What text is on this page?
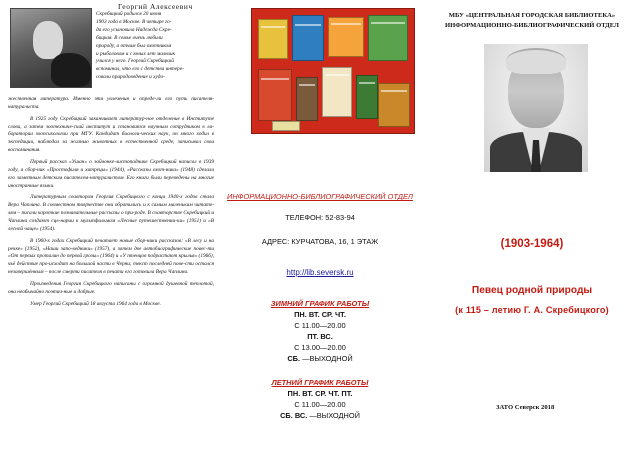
Георгий Алексеевич
Скребицкий родился 20 июня
1903 года в Москве. В четыре го-
да его усыновила Надежда Скре-
бицкая. В семье очень любили
природу, а отчим был охотником
и рыболовом и с юных лет мальчик
учился у него. Георгий Скребицкий
вспоминал, что его с детства интере-
совали природоведение и худо-

жественная литература. Именно эти увлечения и опреде-ли его путь писателя-натуралиста.

В 1925 году Скребицкий заканчивает литератур-ное отделение в Институте слова, а затем зоотехниче-ский институт и становится научным сотрудником в ла-боратории зоопсихологии при МГУ. Кандидат биологи-ческих наук, он много ходил в экспедиции, наблюдал за жизнью животных в естественной среде, записывал свои воспоминания.

Первый рассказ «Ушан» о зайчонке-листопаднике Скребицкий написал в 1939 году, а сбор-ник «Простофиля и хитрецы» (1944), «Рассказы охот-ника» (1948) сделали его заметным детским писателем-натуралистом. Его книги были переведены на многие иностранные языки.

Литературным соавтором Георгия Скребицкого с конца 1940-х годов стала Вера Чаплина. В совместном творчестве они обратились и к самым маленьким читате-лям – писали короткие познавательные рассказы о при-роде. В соавторстве Скребицкий и Чаплина создают сце-нарии к мультфильмам «Лесные путешественни-ки» (1951) и «В лесной чаще» (1954).

В 1960-х годах Скребицкий печатает новые сбор-ники рассказов: «В лесу и на речке» (1952), «Наши запо-ведники» (1957), а затем две автобиографические повес-ти «От первых проталин до первой грозы» (1964) и «У птенцов подрастают крылья» (1966), чьё действие про-исходит на большой части в Черни; текст последней пове-сти остался незавершённым – после смерти писателя в печати его готовила Вера Чаплина.

Произведения Георгия Скребицкого написаны с огромной душевной теплотой, они необычайно поэтич-ные и добрые.

Умер Георгий Скребицкий 18 августа 1964 года в Москве.

ИНФОРМАЦИОННО-БИБЛИОГРАФИЧЕСКИЙ ОТДЕЛ
ТЕЛЕФОН: 52-83-94
АДРЕС: КУРЧАТОВА, 16, 1 ЭТАЖ
http://lib.seversk.ru
ЗИМНИЙ ГРАФИК РАБОТЫ
ПН. ВТ. СР. ЧТ.
С 11.00—20.00
ПТ. ВС.
С 13.00—20.00
СБ. —ВЫХОДНОЙ
ЛЕТНИЙ ГРАФИК РАБОТЫ
ПН. ВТ. СР. ЧТ. ПТ.
С 11.00—20.00
СБ. ВС. —ВЫХОДНОЙ
МБУ «ЦЕНТРАЛЬНАЯ ГОРОДСКАЯ БИБЛИОТЕКА»
ИНФОРМАЦИОННО-БИБЛИОГРАФИЧЕСКИЙ ОТДЕЛ
(1903-1964)
Певец родной природы
(к 115 – летию Г. А. Скребицкого)
ЗАТО Северск 2018
